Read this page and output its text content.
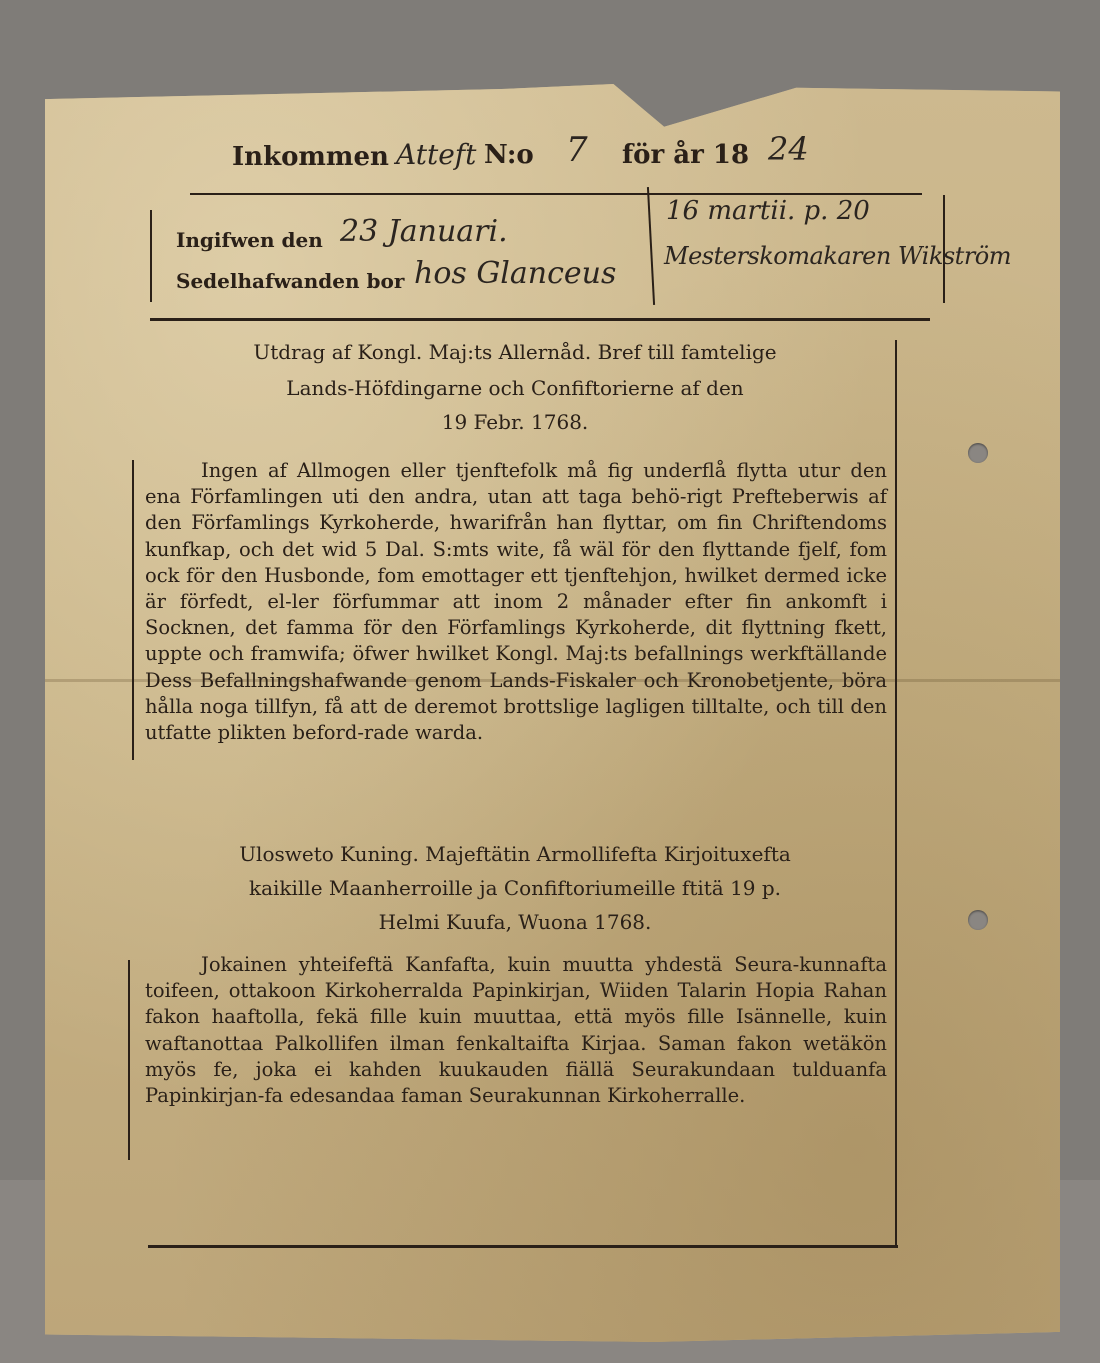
Inkommen Atteft N:o 7 för år 18 24
Ingifwen den 23 Januari.
Sedelhafwanden bor hos Glanceus
16 martii. p. 20
Mesterskomakaren Wikström
Utdrag af Kongl. Maj:ts Allernåd. Bref till famtelige
Lands-Höfdingarne och Confiftorierne af den
19 Febr. 1768.
Ingen af Allmogen eller tjenftefolk må fig underflå flytta utur den ena Förfamlingen uti den andra, utan att taga behö-rigt Prefteberwis af den Förfamlings Kyrkoherde, hwarifrån han flyttar, om fin Chriftendoms kunfkap, och det wid 5 Dal. S:mts wite, få wäl för den flyttande fjelf, fom ock för den Husbonde, fom emottager ett tjenftehjon, hwilket dermed icke är förfedt, el-ler förfummar att inom 2 månader efter fin ankomft i Socknen, det famma för den Förfamlings Kyrkoherde, dit flyttning fkett, uppte och framwifa; öfwer hwilket Kongl. Maj:ts befallnings werkftällande Dess Befallningshafwande genom Lands-Fiskaler och Kronobetjente, böra hålla noga tillfyn, få att de deremot brottslige lagligen tilltalte, och till den utfatte plikten beford-rade warda.
Ulosweto Kuning. Majeftätin Armollifefta Kirjoituxefta
kaikille Maanherroille ja Confiftoriumeille ftitä 19 p.
Helmi Kuufa, Wuona 1768.
Jokainen yhteifeftä Kanfafta, kuin muutta yhdestä Seura-kunnafta toifeen, ottakoon Kirkoherralda Papinkirjan, Wiiden Talarin Hopia Rahan fakon haaftolla, fekä fille kuin muuttaa, että myös fille Isännelle, kuin waftanottaa Palkollifen ilman fenkaltaifta Kirjaa. Saman fakon wetäkön myös fe, joka ei kahden kuukauden fiällä Seurakundaan tulduanfa Papinkirjan-fa edesandaa faman Seurakunnan Kirkoherralle.
